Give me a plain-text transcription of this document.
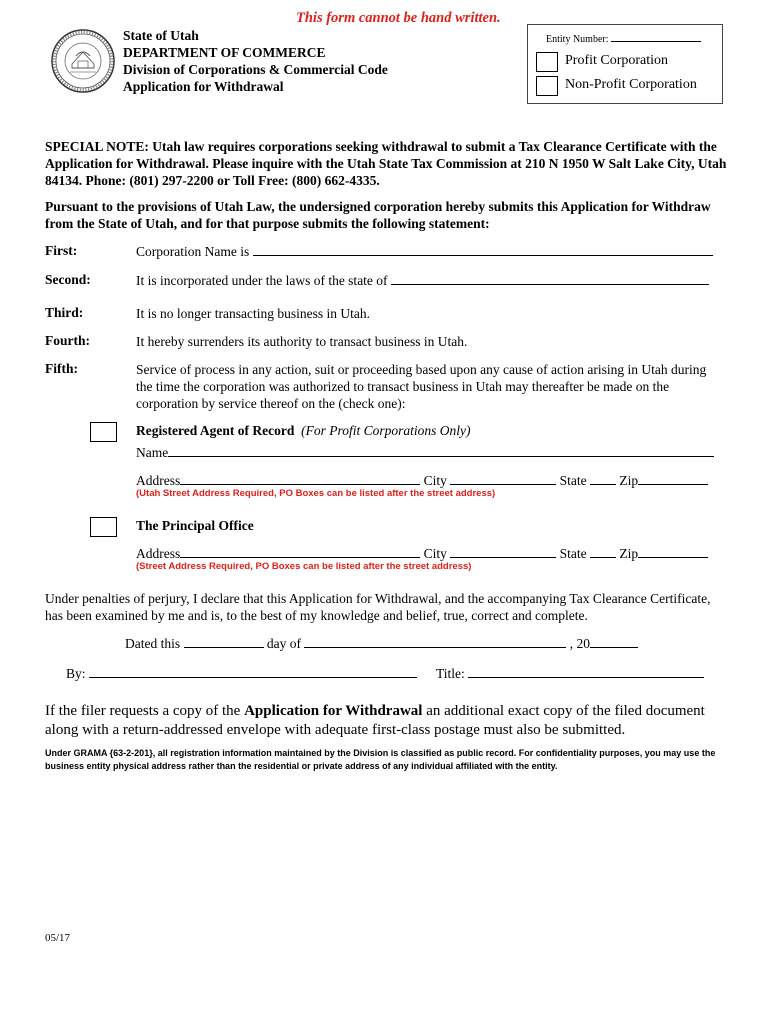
This form cannot be hand written.
State of Utah
DEPARTMENT OF COMMERCE
Division of Corporations & Commercial Code
Application for Withdrawal
Entity Number:
Profit Corporation
Non-Profit Corporation
SPECIAL NOTE: Utah law requires corporations seeking withdrawal to submit a Tax Clearance Certificate with the Application for Withdrawal. Please inquire with the Utah State Tax Commission at 210 N 1950 W Salt Lake City, Utah 84134. Phone: (801) 297-2200 or Toll Free: (800) 662-4335.
Pursuant to the provisions of Utah Law, the undersigned corporation hereby submits this Application for Withdraw from the State of Utah, and for that purpose submits the following statement:
First:	Corporation Name is
Second:	It is incorporated under the laws of the state of
Third:	It is no longer transacting business in Utah.
Fourth:	It hereby surrenders its authority to transact business in Utah.
Fifth:	Service of process in any action, suit or proceeding based upon any cause of action arising in Utah during the time the corporation was authorized to transact business in Utah may thereafter be made on the corporation by service thereof on the (check one):
Registered Agent of Record (For Profit Corporations Only)
Name
Address	City	State Zip
(Utah Street Address Required, PO Boxes can be listed after the street address)
The Principal Office
Address	City	State Zip
(Street Address Required, PO Boxes can be listed after the street address)
Under penalties of perjury, I declare that this Application for Withdrawal, and the accompanying Tax Clearance Certificate, has been examined by me and is, to the best of my knowledge and belief, true, correct and complete.
Dated this	day of	, 20
By:	Title:
If the filer requests a copy of the Application for Withdrawal an additional exact copy of the filed document along with a return-addressed envelope with adequate first-class postage must also be submitted.
Under GRAMA {63-2-201}, all registration information maintained by the Division is classified as public record. For confidentiality purposes, you may use the business entity physical address rather than the residential or private address of any individual affiliated with the entity.
05/17
